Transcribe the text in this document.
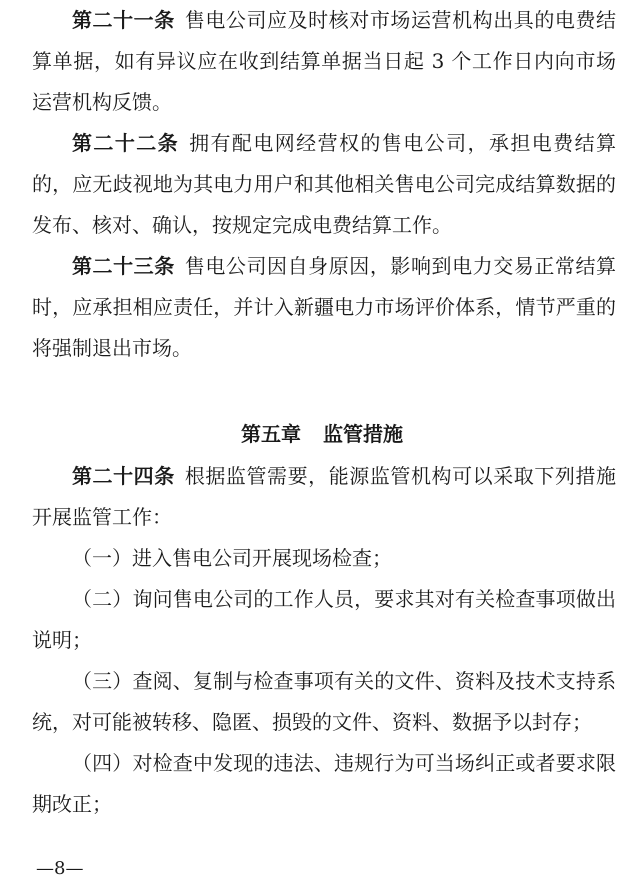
第二十一条 售电公司应及时核对市场运营机构出具的电费结算单据，如有异议应在收到结算单据当日起 3 个工作日内向市场运营机构反馈。

第二十二条 拥有配电网经营权的售电公司，承担电费结算的，应无歧视地为其电力用户和其他相关售电公司完成结算数据的发布、核对、确认，按规定完成电费结算工作。

第二十三条 售电公司因自身原因，影响到电力交易正常结算时，应承担相应责任，并计入新疆电力市场评价体系，情节严重的将强制退出市场。

第五章 监管措施

第二十四条 根据监管需要，能源监管机构可以采取下列措施开展监管工作：

（一）进入售电公司开展现场检查；

（二）询问售电公司的工作人员，要求其对有关检查事项做出说明；

（三）查阅、复制与检查事项有关的文件、资料及技术支持系统，对可能被转移、隐匿、损毁的文件、资料、数据予以封存；

（四）对检查中发现的违法、违规行为可当场纠正或者要求限期改正；

—8—
